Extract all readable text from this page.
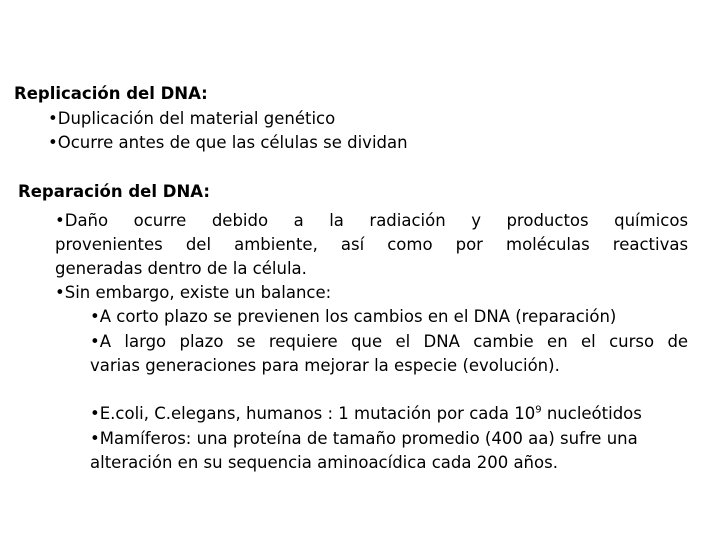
Replicación del DNA:
•Duplicación del material genético
•Ocurre antes de que las células se dividan
Reparación del DNA:
•Daño ocurre debido a la radiación y productos químicos
provenientes del ambiente, así como por moléculas reactivas
generadas dentro de la célula.
•Sin embargo, existe un balance:
•A corto plazo se previenen los cambios en el DNA (reparación)
•A largo plazo se requiere que el DNA cambie en el curso de
varias generaciones para mejorar la especie (evolución).
•E.coli, C.elegans, humanos : 1 mutación por cada $10^9$ nucleótidos
•Mamíferos: una proteína de tamaño promedio (400 aa) sufre una
alteración en su sequencia aminoacídica cada 200 años.
